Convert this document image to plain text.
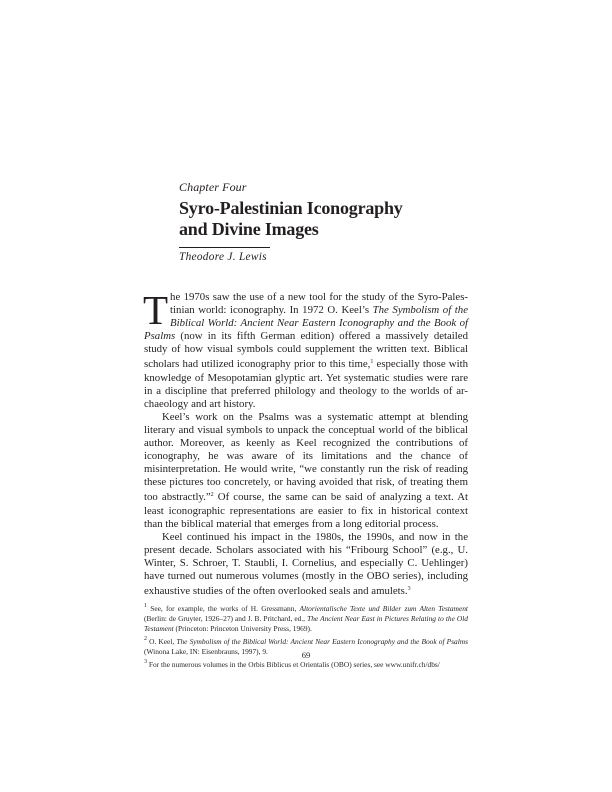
Chapter Four
Syro-Palestinian Iconography
and Divine Images
Theodore J. Lewis

The 1970s saw the use of a new tool for the study of the Syro-Pales- tinian world: iconography. In 1972 O. Keel’s The Symbolism of the Biblical World: Ancient Near Eastern Iconography and the Book of Psalms (now in its fifth German edition) offered a massively detailed study of how visual symbols could supplement the written text. Biblical scholars had utilized iconography prior to this time,$^1$ especially those with knowledge of Mesopotamian glyptic art. Yet systematic studies were rare in a discipline that preferred philology and theology to the worlds of ar- chaeology and art history.

Keel’s work on the Psalms was a systematic attempt at blending literary and visual symbols to unpack the conceptual world of the biblical author. Moreover, as keenly as Keel recognized the contributions of iconography, he was aware of its limitations and the chance of misinterpretation. He would write, “we constantly run the risk of reading these pictures too concretely, or having avoided that risk, of treating them too abstractly.”$^2$ Of course, the same can be said of analyzing a text. At least iconographic representations are easier to fix in historical context than the biblical material that emerges from a long editorial process.

Keel continued his impact in the 1980s, the 1990s, and now in the present decade. Scholars associated with his “Fribourg School” (e.g., U. Winter, S. Schroer, T. Staubli, I. Cornelius, and especially C. Uehlinger) have turned out numerous volumes (mostly in the OBO series), including exhaustive studies of the often overlooked seals and amulets.$^3$

$^1$ See, for example, the works of H. Gressmann, Altorientalische Texte und Bilder zum Alten Testament (Berlin: de Gruyter, 1926–27) and J. B. Pritchard, ed., The Ancient Near East in Pictures Relating to the Old Testament (Princeton: Princeton University Press, 1969).

$^2$ O. Keel, The Symbolism of the Biblical World: Ancient Near Eastern Iconography and the Book of Psalms (Winona Lake, IN: Eisenbrauns, 1997), 9.

$^3$ For the numerous volumes in the Orbis Biblicus et Orientalis (OBO) series, see www.unifr.ch/dbs/

69
